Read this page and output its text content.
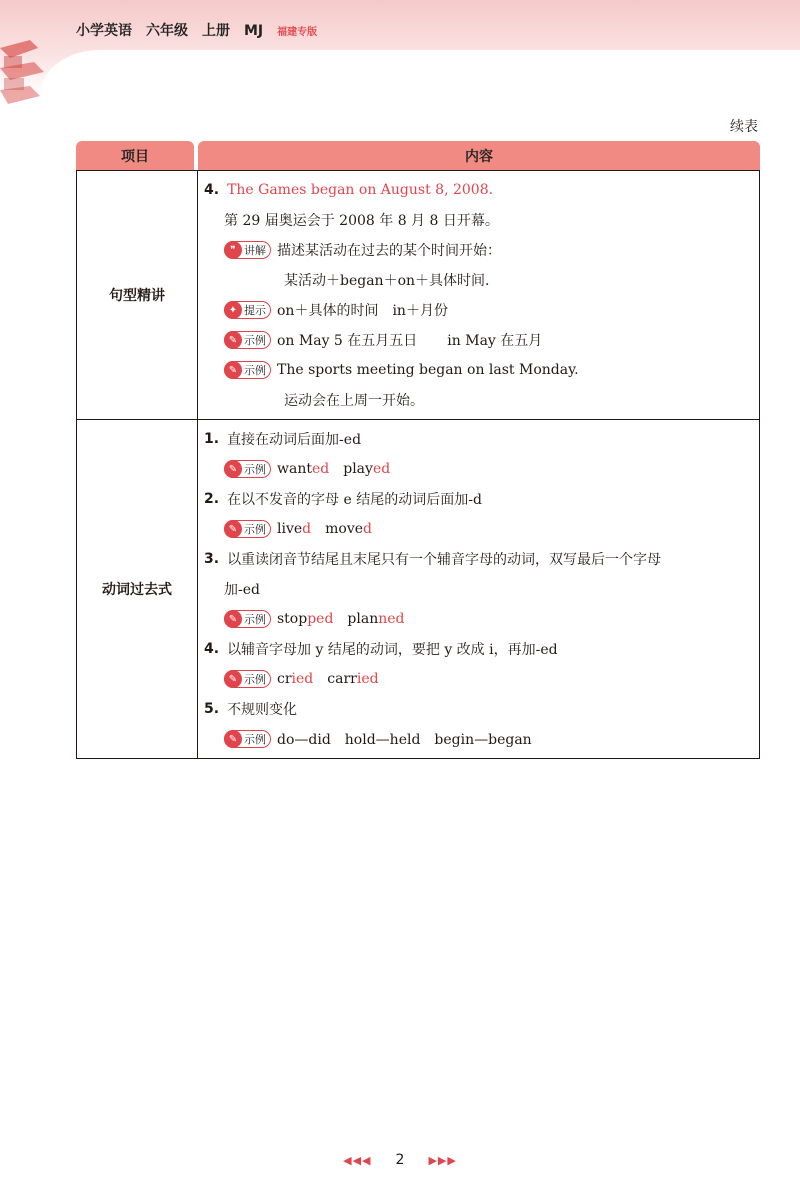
小学英语 六年级 上册 MJ 福建专版
续表
项目	内容
句型精讲
4. The Games began on August 8, 2008.
第 29 届奥运会于 2008 年 8 月 8 日开幕。
❞ 讲解 描述某活动在过去的某个时间开始：
某活动＋began＋on＋具体时间.
✦ 提示 on＋具体的时间 in＋月份
✎ 示例 on May 5 在五月五日 in May 在五月
✎ 示例 The sports meeting began on last Monday.
运动会在上周一开始。
动词过去式
1. 直接在动词后面加-ed
✎ 示例 wanted played
2. 在以不发音的字母 e 结尾的动词后面加-d
✎ 示例 lived moved
3. 以重读闭音节结尾且末尾只有一个辅音字母的动词，双写最后一个字母
加-ed
✎ 示例 stopped planned
4. 以辅音字母加 y 结尾的动词，要把 y 改成 i，再加-ed
✎ 示例 cried carried
5. 不规则变化
✎ 示例 do—did　hold—held　begin—began
◀◀◀ 2 ▶▶▶
